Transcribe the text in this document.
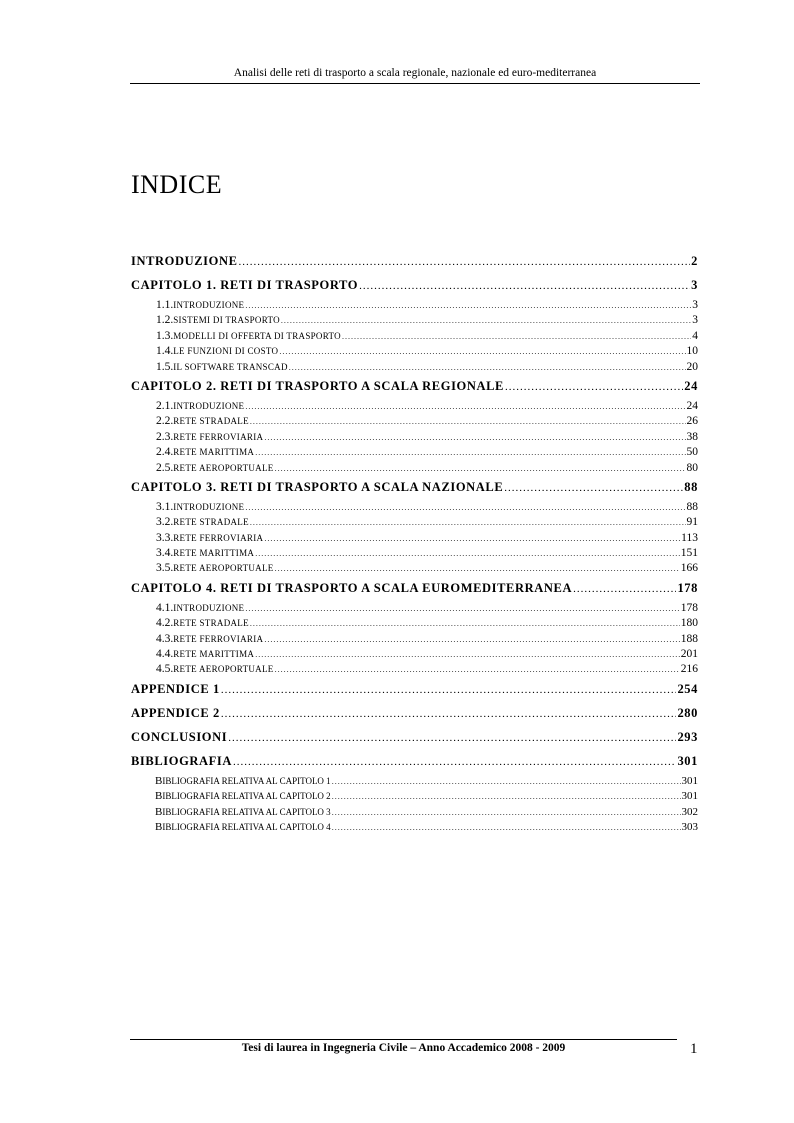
Analisi delle reti di trasporto a scala regionale, nazionale ed euro-mediterranea
INDICE
INTRODUZIONE .....	2
CAPITOLO 1. RETI DI TRASPORTO .....	3
1.1. INTRODUZIONE .....	3
1.2. SISTEMI DI TRASPORTO .....	3
1.3. MODELLI DI OFFERTA DI TRASPORTO .....	4
1.4. LE FUNZIONI DI COSTO .....	10
1.5. IL SOFTWARE TRANSCAD .....	20
CAPITOLO 2. RETI DI TRASPORTO A SCALA REGIONALE .....	24
2.1. INTRODUZIONE .....	24
2.2. RETE STRADALE .....	26
2.3. RETE FERROVIARIA .....	38
2.4. RETE MARITTIMA .....	50
2.5. RETE AEROPORTUALE .....	80
CAPITOLO 3. RETI DI TRASPORTO A SCALA NAZIONALE .....	88
3.1. INTRODUZIONE .....	88
3.2. RETE STRADALE .....	91
3.3. RETE FERROVIARIA .....	113
3.4. RETE MARITTIMA .....	151
3.5. RETE AEROPORTUALE .....	166
CAPITOLO 4. RETI DI TRASPORTO A SCALA EUROMEDITERRANEA .....	178
4.1. INTRODUZIONE .....	178
4.2. RETE STRADALE .....	180
4.3. RETE FERROVIARIA .....	188
4.4. RETE MARITTIMA .....	201
4.5. RETE AEROPORTUALE .....	216
APPENDICE 1 .....	254
APPENDICE 2 .....	280
CONCLUSIONI .....	293
BIBLIOGRAFIA .....	301
BIBLIOGRAFIA RELATIVA AL CAPITOLO 1 .....	301
BIBLIOGRAFIA RELATIVA AL CAPITOLO 2 .....	301
BIBLIOGRAFIA RELATIVA AL CAPITOLO 3 .....	302
BIBLIOGRAFIA RELATIVA AL CAPITOLO 4 .....	303
Tesi di laurea in Ingegneria Civile – Anno Accademico 2008 - 2009	1
